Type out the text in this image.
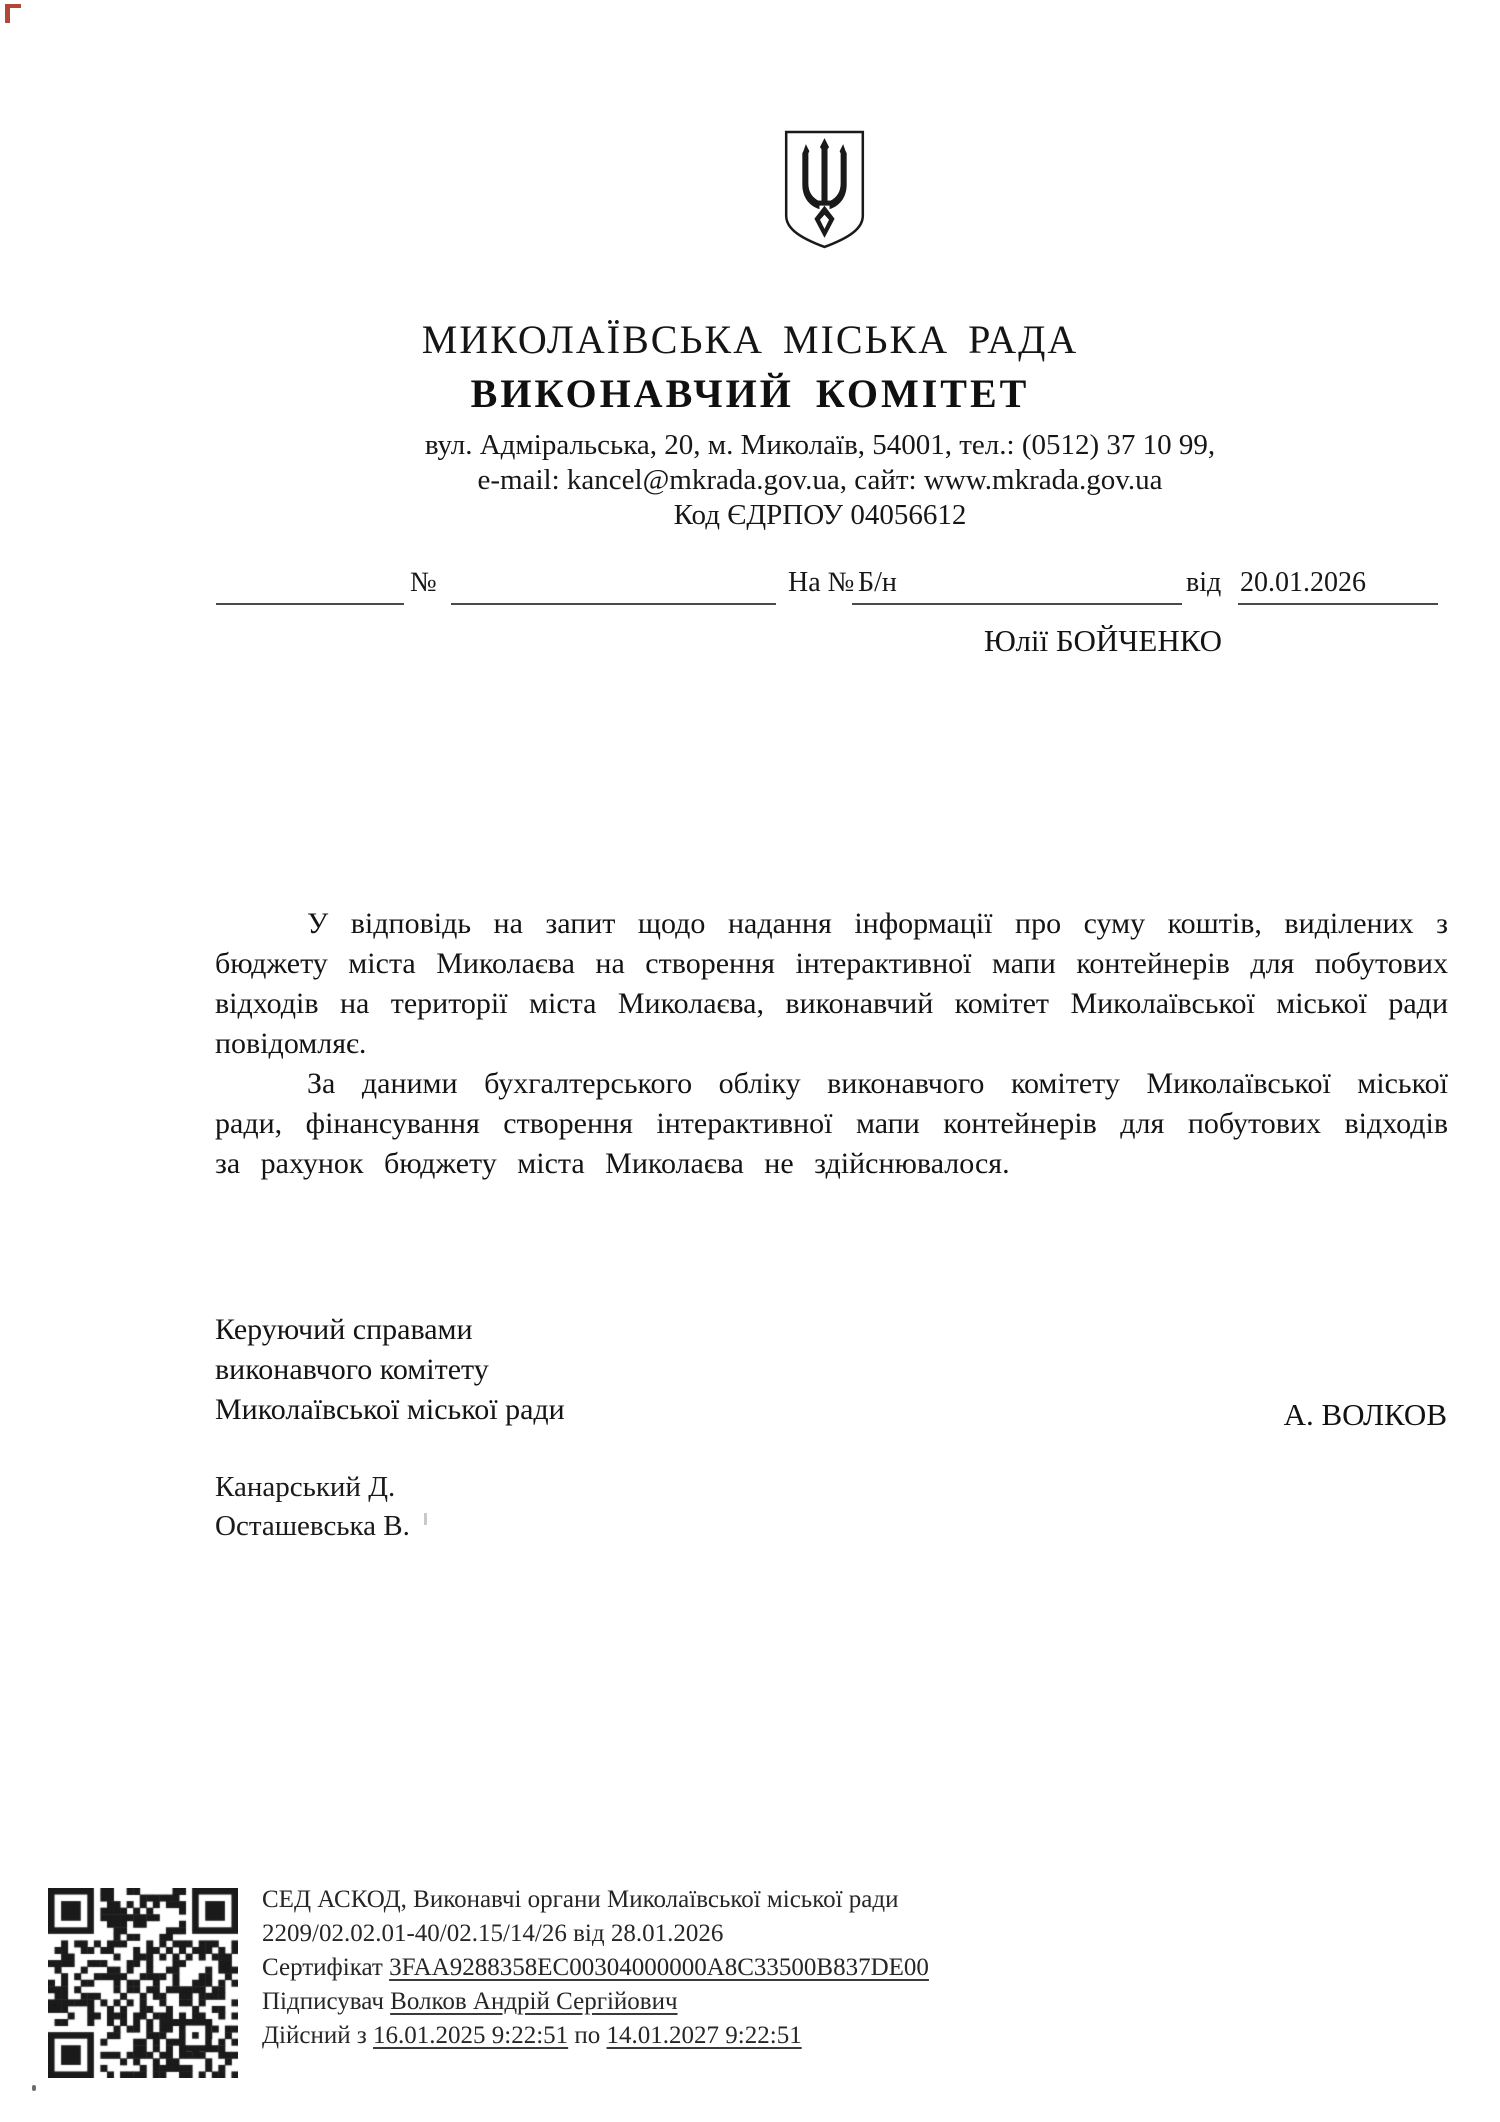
МИКОЛАЇВСЬКА МІСЬКА РАДА
ВИКОНАВЧИЙ КОМІТЕТ
вул. Адміральська, 20, м. Миколаїв, 54001, тел.: (0512) 37 10 99,
e-mail: kancel@mkrada.gov.ua, сайт: www.mkrada.gov.ua
Код ЄДРПОУ 04056612
№	На № Б/н	від 20.01.2026
Юлії БОЙЧЕНКО

У відповідь на запит щодо надання інформації про суму коштів, виділених з бюджету міста Миколаєва на створення інтерактивної мапи контейнерів для побутових відходів на території міста Миколаєва, виконавчий комітет Миколаївської міської ради повідомляє.

За даними бухгалтерського обліку виконавчого комітету Миколаївської міської ради, фінансування створення інтерактивної мапи контейнерів для побутових відходів за рахунок бюджету міста Миколаєва не здійснювалося.

Керуючий справами
виконавчого комітету
Миколаївської міської ради	А. ВОЛКОВ
Канарський Д.
Осташевська В.
СЕД АСКОД, Виконавчі органи Миколаївської міської ради
2209/02.02.01-40/02.15/14/26 від 28.01.2026
Сертифікат 3FAA9288358EC00304000000A8C33500B837DE00
Підписувач Волков Андрій Сергійович
Дійсний з 16.01.2025 9:22:51 по 14.01.2027 9:22:51
